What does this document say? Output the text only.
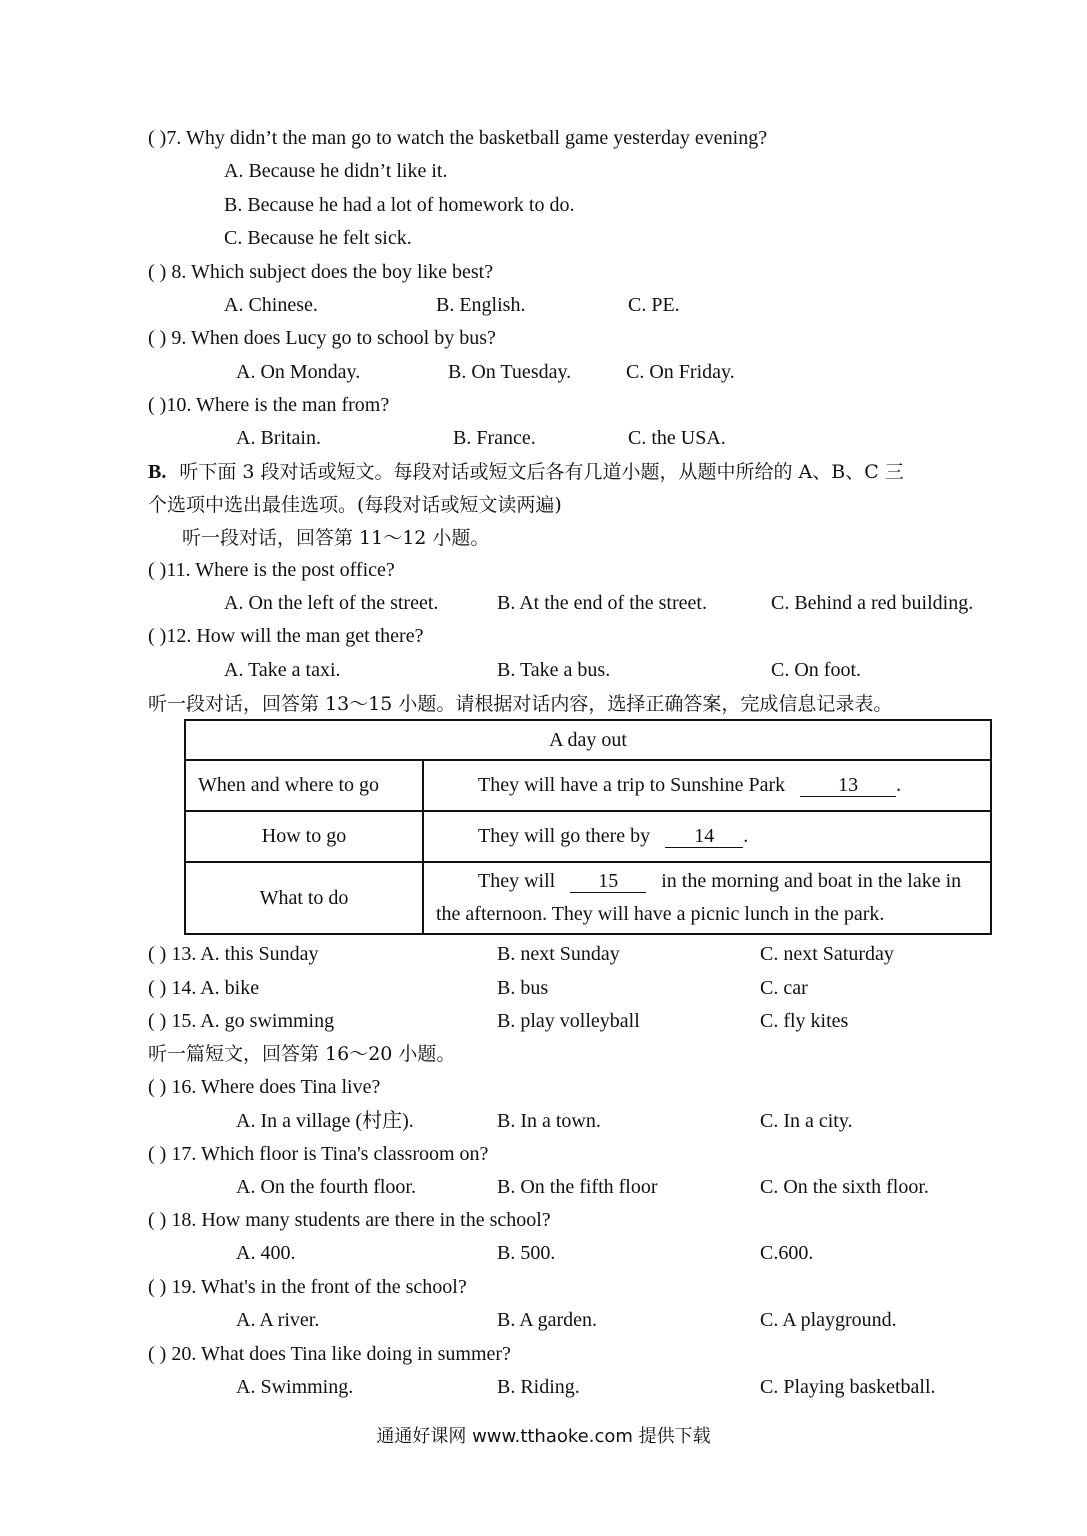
( )7. Why didn’t the man go to watch the basketball game yesterday evening?
A. Because he didn’t like it.
B. Because he had a lot of homework to do.
C. Because he felt sick.
( ) 8. Which subject does the boy like best?
A. Chinese.	B. English.	C. PE.
( ) 9. When does Lucy go to school by bus?
A. On Monday.	B. On Tuesday.	C. On Friday.
( )10. Where is the man from?
A. Britain.	B. France.	C. the USA.
B. 听下面 3 段对话或短文。每段对话或短文后各有几道小题，从题中所给的 A、B、C 三
个选项中选出最佳选项。(每段对话或短文读两遍)
听一段对话，回答第 11～12 小题。
( )11. Where is the post office?
A. On the left of the street.	B. At the end of the street.	C. Behind a red building.
( )12. How will the man get there?
A. Take a taxi.	B. Take a bus.	C. On foot.
听一段对话，回答第 13～15 小题。请根据对话内容，选择正确答案，完成信息记录表。
A day out	
When and where to go	They will have a trip to Sunshine Park 13 .
How to go	They will go there by 14 .
What to do	They will 15 in the morning and boat in the lake in
the afternoon. They will have a picnic lunch in the park.
( ) 13. A. this Sunday	B. next Sunday	C. next Saturday
( ) 14. A. bike	B. bus	C. car
( ) 15. A. go swimming	B. play volleyball	C. fly kites
听一篇短文，回答第 16～20 小题。
( ) 16. Where does Tina live?
A. In a village (村庄).	B. In a town.	C. In a city.
( ) 17. Which floor is Tina's classroom on?
A. On the fourth floor.	B. On the fifth floor	C. On the sixth floor.
( ) 18. How many students are there in the school?
A. 400.	B. 500.	C.600.
( ) 19. What's in the front of the school?
A. A river.	B. A garden.	C. A playground.
( ) 20. What does Tina like doing in summer?
A. Swimming.	B. Riding.	C. Playing basketball.
通通好课网 www.tthaoke.com 提供下载
